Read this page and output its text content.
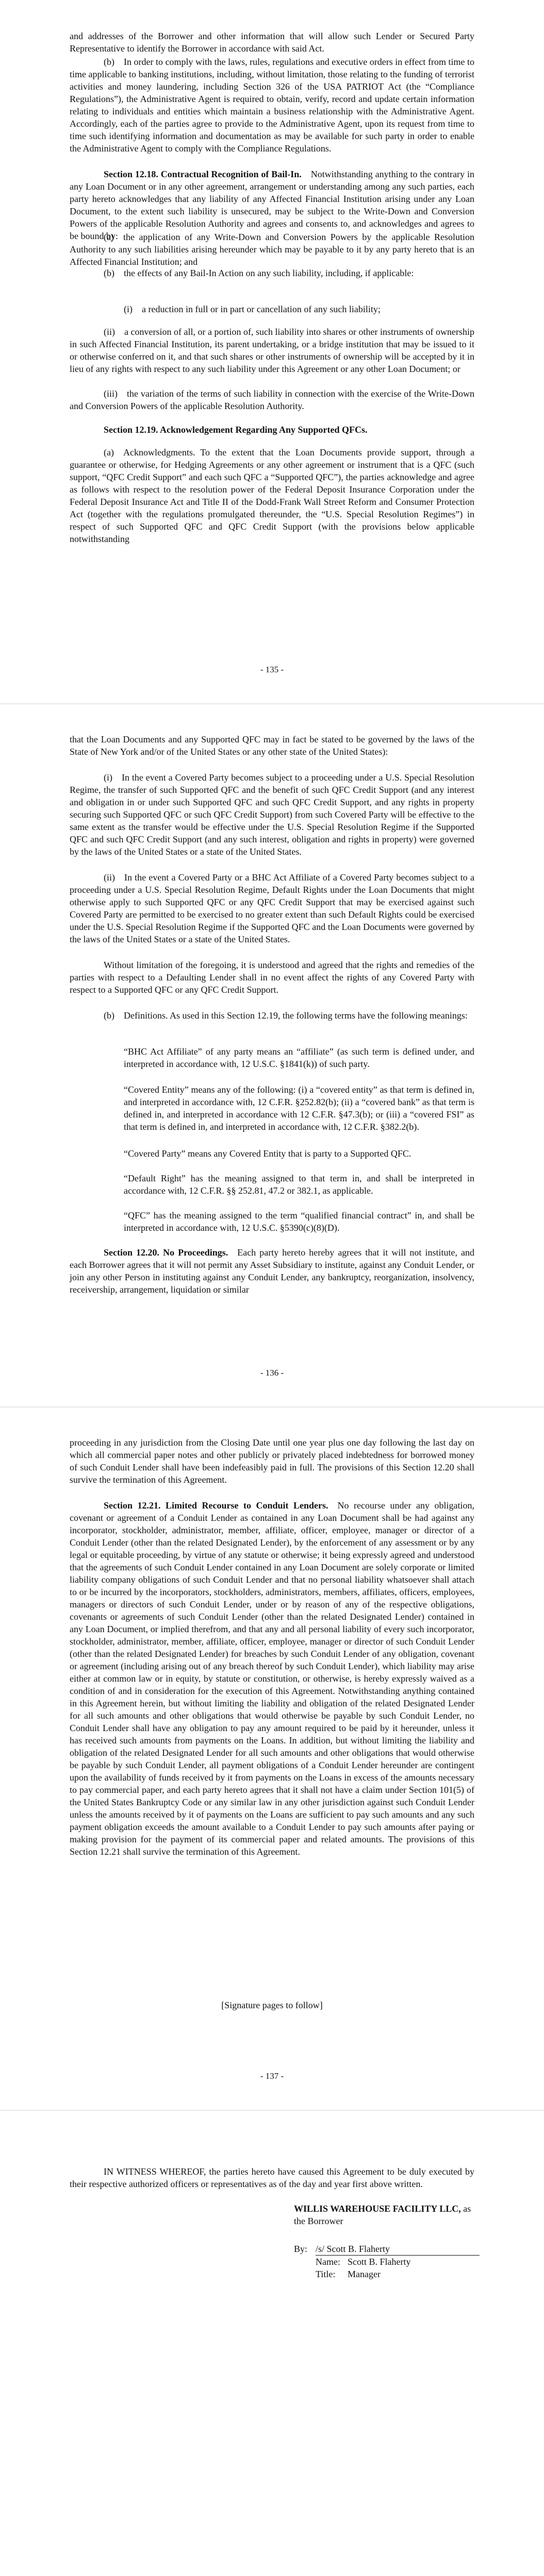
and addresses of the Borrower and other information that will allow such Lender or Secured Party Representative to identify the Borrower in accordance with said Act.

(b) In order to comply with the laws, rules, regulations and executive orders in effect from time to time applicable to banking institutions, including, without limitation, those relating to the funding of terrorist activities and money laundering, including Section 326 of the USA PATRIOT Act (the “Compliance Regulations”), the Administrative Agent is required to obtain, verify, record and update certain information relating to individuals and entities which maintain a business relationship with the Administrative Agent. Accordingly, each of the parties agree to provide to the Administrative Agent, upon its request from time to time such identifying information and documentation as may be available for such party in order to enable the Administrative Agent to comply with the Compliance Regulations.

Section 12.18. Contractual Recognition of Bail-In.  Notwithstanding anything to the contrary in any Loan Document or in any other agreement, arrangement or understanding among any such parties, each party hereto acknowledges that any liability of any Affected Financial Institution arising under any Loan Document, to the extent such liability is unsecured, may be subject to the Write-Down and Conversion Powers of the applicable Resolution Authority and agrees and consents to, and acknowledges and agrees to be bound by:

(a) the application of any Write-Down and Conversion Powers by the applicable Resolution Authority to any such liabilities arising hereunder which may be payable to it by any party hereto that is an Affected Financial Institution; and

(b) the effects of any Bail-In Action on any such liability, including, if applicable:

(i) a reduction in full or in part or cancellation of any such liability;

(ii) a conversion of all, or a portion of, such liability into shares or other instruments of ownership in such Affected Financial Institution, its parent undertaking, or a bridge institution that may be issued to it or otherwise conferred on it, and that such shares or other instruments of ownership will be accepted by it in lieu of any rights with respect to any such liability under this Agreement or any other Loan Document; or

(iii) the variation of the terms of such liability in connection with the exercise of the Write-Down and Conversion Powers of the applicable Resolution Authority.

Section 12.19. Acknowledgement Regarding Any Supported QFCs.

(a) Acknowledgments. To the extent that the Loan Documents provide support, through a guarantee or otherwise, for Hedging Agreements or any other agreement or instrument that is a QFC (such support, “QFC Credit Support” and each such QFC a “Supported QFC”), the parties acknowledge and agree as follows with respect to the resolution power of the Federal Deposit Insurance Corporation under the Federal Deposit Insurance Act and Title II of the Dodd-Frank Wall Street Reform and Consumer Protection Act (together with the regulations promulgated thereunder, the “U.S. Special Resolution Regimes”) in respect of such Supported QFC and QFC Credit Support (with the provisions below applicable notwithstanding

- 135 -

that the Loan Documents and any Supported QFC may in fact be stated to be governed by the laws of the State of New York and/or of the United States or any other state of the United States):

(i) In the event a Covered Party becomes subject to a proceeding under a U.S. Special Resolution Regime, the transfer of such Supported QFC and the benefit of such QFC Credit Support (and any interest and obligation in or under such Supported QFC and such QFC Credit Support, and any rights in property securing such Supported QFC or such QFC Credit Support) from such Covered Party will be effective to the same extent as the transfer would be effective under the U.S. Special Resolution Regime if the Supported QFC and such QFC Credit Support (and any such interest, obligation and rights in property) were governed by the laws of the United States or a state of the United States.

(ii) In the event a Covered Party or a BHC Act Affiliate of a Covered Party becomes subject to a proceeding under a U.S. Special Resolution Regime, Default Rights under the Loan Documents that might otherwise apply to such Supported QFC or any QFC Credit Support that may be exercised against such Covered Party are permitted to be exercised to no greater extent than such Default Rights could be exercised under the U.S. Special Resolution Regime if the Supported QFC and the Loan Documents were governed by the laws of the United States or a state of the United States.

Without limitation of the foregoing, it is understood and agreed that the rights and remedies of the parties with respect to a Defaulting Lender shall in no event affect the rights of any Covered Party with respect to a Supported QFC or any QFC Credit Support.

(b) Definitions. As used in this Section 12.19, the following terms have the following meanings:

“BHC Act Affiliate” of any party means an “affiliate” (as such term is defined under, and interpreted in accordance with, 12 U.S.C. §1841(k)) of such party.

“Covered Entity” means any of the following: (i) a “covered entity” as that term is defined in, and interpreted in accordance with, 12 C.F.R. §252.82(b); (ii) a “covered bank” as that term is defined in, and interpreted in accordance with 12 C.F.R. §47.3(b); or (iii) a “covered FSI” as that term is defined in, and interpreted in accordance with, 12 C.F.R. §382.2(b).

“Covered Party” means any Covered Entity that is party to a Supported QFC.

“Default Right” has the meaning assigned to that term in, and shall be interpreted in accordance with, 12 C.F.R. §§ 252.81, 47.2 or 382.1, as applicable.

“QFC” has the meaning assigned to the term “qualified financial contract” in, and shall be interpreted in accordance with, 12 U.S.C. §5390(c)(8)(D).

Section 12.20. No Proceedings.  Each party hereto hereby agrees that it will not institute, and each Borrower agrees that it will not permit any Asset Subsidiary to institute, against any Conduit Lender, or join any other Person in instituting against any Conduit Lender, any bankruptcy, reorganization, insolvency, receivership, arrangement, liquidation or similar

- 136 -

proceeding in any jurisdiction from the Closing Date until one year plus one day following the last day on which all commercial paper notes and other publicly or privately placed indebtedness for borrowed money of such Conduit Lender shall have been indefeasibly paid in full. The provisions of this Section 12.20 shall survive the termination of this Agreement.

Section 12.21. Limited Recourse to Conduit Lenders.  No recourse under any obligation, covenant or agreement of a Conduit Lender as contained in any Loan Document shall be had against any incorporator, stockholder, administrator, member, affiliate, officer, employee, manager or director of a Conduit Lender (other than the related Designated Lender), by the enforcement of any assessment or by any legal or equitable proceeding, by virtue of any statute or otherwise; it being expressly agreed and understood that the agreements of such Conduit Lender contained in any Loan Document are solely corporate or limited liability company obligations of such Conduit Lender and that no personal liability whatsoever shall attach to or be incurred by the incorporators, stockholders, administrators, members, affiliates, officers, employees, managers or directors of such Conduit Lender, under or by reason of any of the respective obligations, covenants or agreements of such Conduit Lender (other than the related Designated Lender) contained in any Loan Document, or implied therefrom, and that any and all personal liability of every such incorporator, stockholder, administrator, member, affiliate, officer, employee, manager or director of such Conduit Lender (other than the related Designated Lender) for breaches by such Conduit Lender of any obligation, covenant or agreement (including arising out of any breach thereof by such Conduit Lender), which liability may arise either at common law or in equity, by statute or constitution, or otherwise, is hereby expressly waived as a condition of and in consideration for the execution of this Agreement. Notwithstanding anything contained in this Agreement herein, but without limiting the liability and obligation of the related Designated Lender for all such amounts and other obligations that would otherwise be payable by such Conduit Lender, no Conduit Lender shall have any obligation to pay any amount required to be paid by it hereunder, unless it has received such amounts from payments on the Loans. In addition, but without limiting the liability and obligation of the related Designated Lender for all such amounts and other obligations that would otherwise be payable by such Conduit Lender, all payment obligations of a Conduit Lender hereunder are contingent upon the availability of funds received by it from payments on the Loans in excess of the amounts necessary to pay commercial paper, and each party hereto agrees that it shall not have a claim under Section 101(5) of the United States Bankruptcy Code or any similar law in any other jurisdiction against such Conduit Lender unless the amounts received by it of payments on the Loans are sufficient to pay such amounts and any such payment obligation exceeds the amount available to a Conduit Lender to pay such amounts after paying or making provision for the payment of its commercial paper and related amounts. The provisions of this Section 12.21 shall survive the termination of this Agreement.

[Signature pages to follow]

- 137 -

IN WITNESS WHEREOF, the parties hereto have caused this Agreement to be duly executed by their respective authorized officers or representatives as of the day and year first above written.

WILLIS WAREHOUSE FACILITY LLC, as the Borrower
By: /s/ Scott B. Flaherty
Name: Scott B. Flaherty
Title:	Manager
